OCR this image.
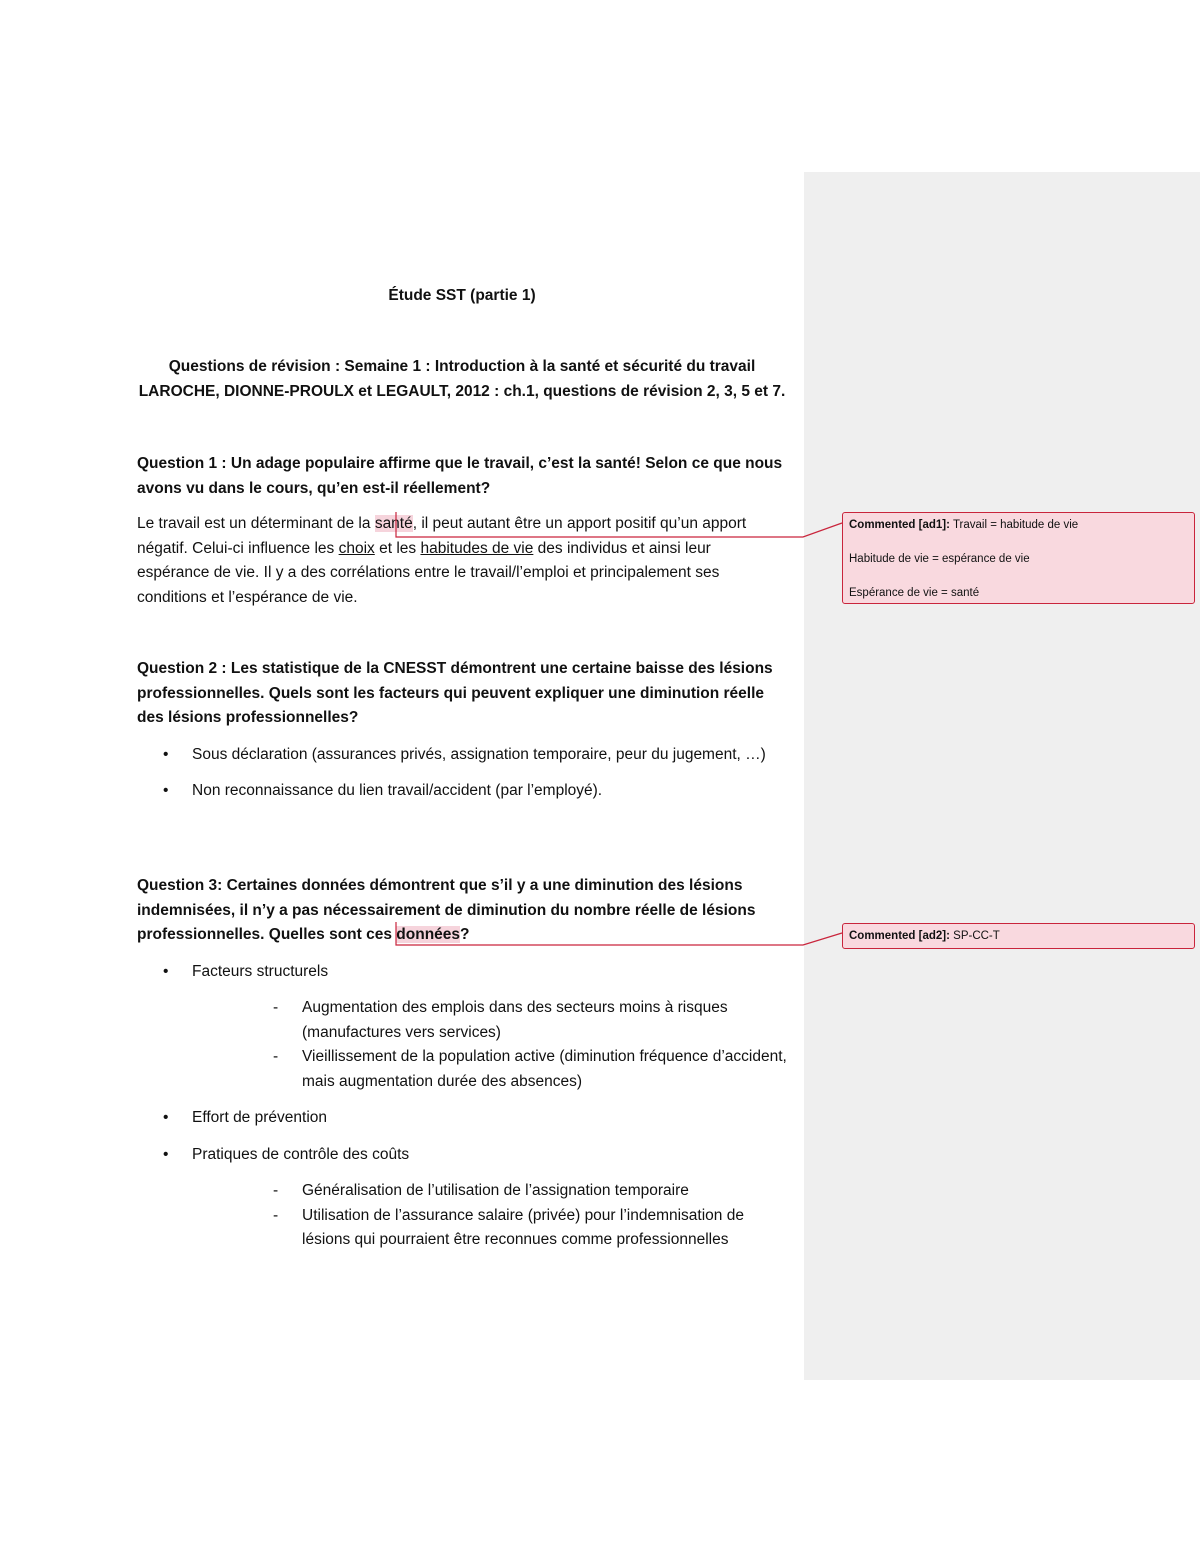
Étude SST (partie 1)
Questions de révision : Semaine 1 : Introduction à la santé et sécurité du travail
LAROCHE, DIONNE-PROULX et LEGAULT, 2012 : ch.1, questions de révision 2, 3, 5 et 7.
Question 1 : Un adage populaire affirme que le travail, c’est la santé! Selon ce que nous avons vu dans le cours, qu’en est-il réellement?
Le travail est un déterminant de la santé, il peut autant être un apport positif qu’un apport négatif. Celui-ci influence les choix et les habitudes de vie des individus et ainsi leur espérance de vie. Il y a des corrélations entre le travail/l’emploi et principalement ses conditions et l’espérance de vie.
Question 2 : Les statistique de la CNESST démontrent une certaine baisse des lésions professionnelles. Quels sont les facteurs qui peuvent expliquer une diminution réelle des lésions professionnelles?
• Sous déclaration (assurances privés, assignation temporaire, peur du jugement, …)
• Non reconnaissance du lien travail/accident (par l’employé).
Question 3: Certaines données démontrent que s’il y a une diminution des lésions indemnisées, il n’y a pas nécessairement de diminution du nombre réelle de lésions professionnelles. Quelles sont ces données?
• Facteurs structurels
- Augmentation des emplois dans des secteurs moins à risques (manufactures vers services)
- Vieillissement de la population active (diminution fréquence d’accident, mais augmentation durée des absences)
• Effort de prévention
• Pratiques de contrôle des coûts
- Généralisation de l’utilisation de l’assignation temporaire
- Utilisation de l’assurance salaire (privée) pour l’indemnisation de lésions qui pourraient être reconnues comme professionnelles

Commented [ad1]: Travail = habitude de vie

Habitude de vie = espérance de vie

Espérance de vie = santé

Commented [ad2]: SP-CC-T
